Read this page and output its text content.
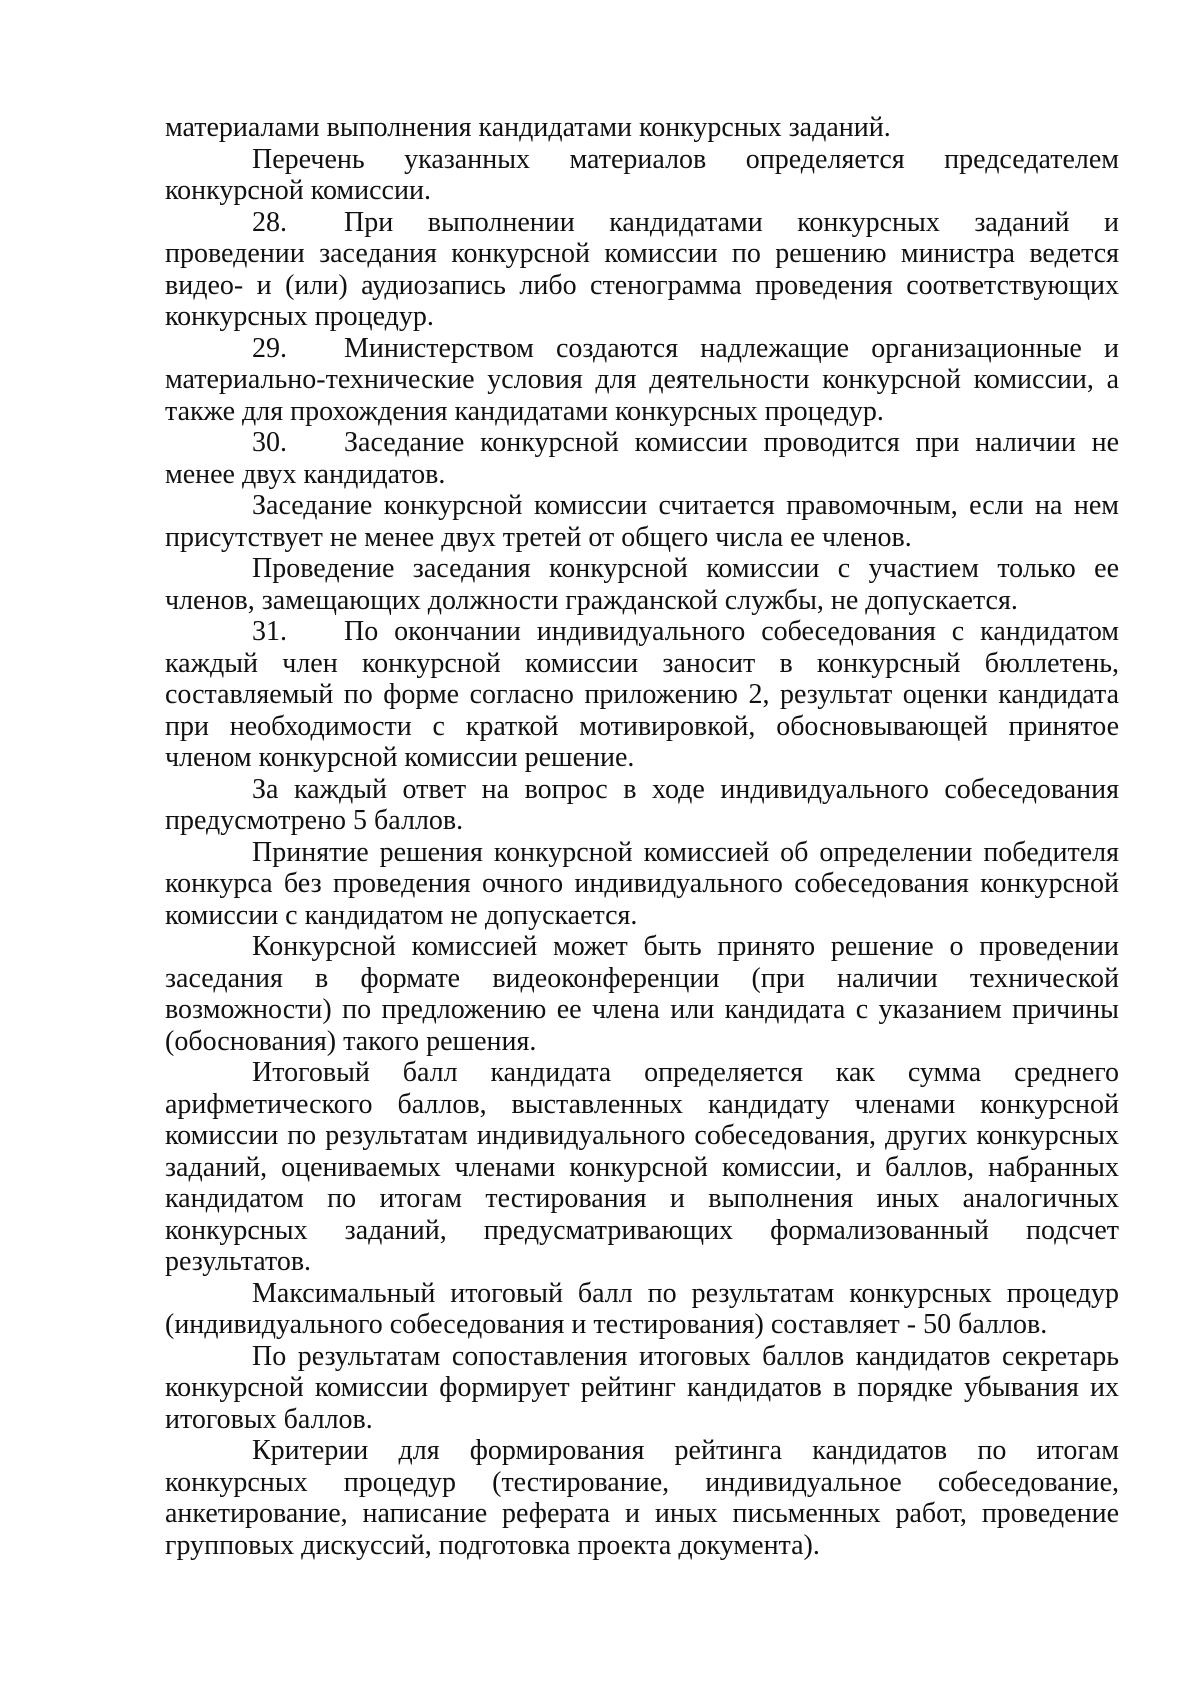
материалами выполнения кандидатами конкурсных заданий.

Перечень указанных материалов определяется председателем конкурсной комиссии.

28. При выполнении кандидатами конкурсных заданий и проведении заседания конкурсной комиссии по решению министра ведется видео- и (или) аудиозапись либо стенограмма проведения соответствующих конкурсных процедур.

29. Министерством создаются надлежащие организационные и материально-технические условия для деятельности конкурсной комиссии, а также для прохождения кандидатами конкурсных процедур.

30. Заседание конкурсной комиссии проводится при наличии не менее двух кандидатов.

Заседание конкурсной комиссии считается правомочным, если на нем присутствует не менее двух третей от общего числа ее членов.

Проведение заседания конкурсной комиссии с участием только ее членов, замещающих должности гражданской службы, не допускается.

31. По окончании индивидуального собеседования с кандидатом каждый член конкурсной комиссии заносит в конкурсный бюллетень, составляемый по форме согласно приложению 2, результат оценки кандидата при необходимости с краткой мотивировкой, обосновывающей принятое членом конкурсной комиссии решение.

За каждый ответ на вопрос в ходе индивидуального собеседования предусмотрено 5 баллов.

Принятие решения конкурсной комиссией об определении победителя конкурса без проведения очного индивидуального собеседования конкурсной комиссии с кандидатом не допускается.

Конкурсной комиссией может быть принято решение о проведении заседания в формате видеоконференции (при наличии технической возможности) по предложению ее члена или кандидата с указанием причины (обоснования) такого решения.

Итоговый балл кандидата определяется как сумма среднего арифметического баллов, выставленных кандидату членами конкурсной комиссии по результатам индивидуального собеседования, других конкурсных заданий, оцениваемых членами конкурсной комиссии, и баллов, набранных кандидатом по итогам тестирования и выполнения иных аналогичных конкурсных заданий, предусматривающих формализованный подсчет результатов.

Максимальный итоговый балл по результатам конкурсных процедур (индивидуального собеседования и тестирования) составляет - 50 баллов.

По результатам сопоставления итоговых баллов кандидатов секретарь конкурсной комиссии формирует рейтинг кандидатов в порядке убывания их итоговых баллов.

Критерии для формирования рейтинга кандидатов по итогам конкурсных процедур (тестирование, индивидуальное собеседование, анкетирование, написание реферата и иных письменных работ, проведение групповых дискуссий, подготовка проекта документа).
